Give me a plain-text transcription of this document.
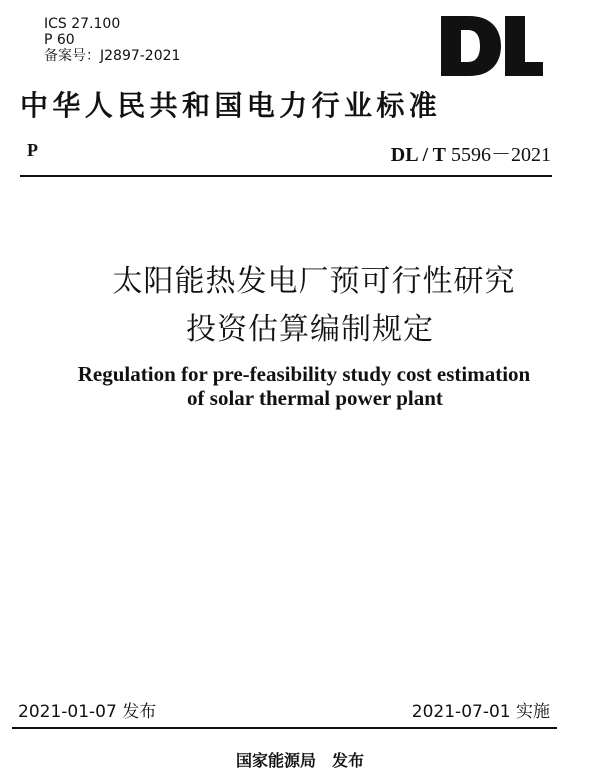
ICS 27.100
P 60
备案号：J2897-2021
中华人民共和国电力行业标准
P	DL / T 5596－2021
太阳能热发电厂预可行性研究
投资估算编制规定
Regulation for pre-feasibility study cost estimation
of solar thermal power plant
2021-01-07 发布	2021-07-01 实施
国家能源局 发布
